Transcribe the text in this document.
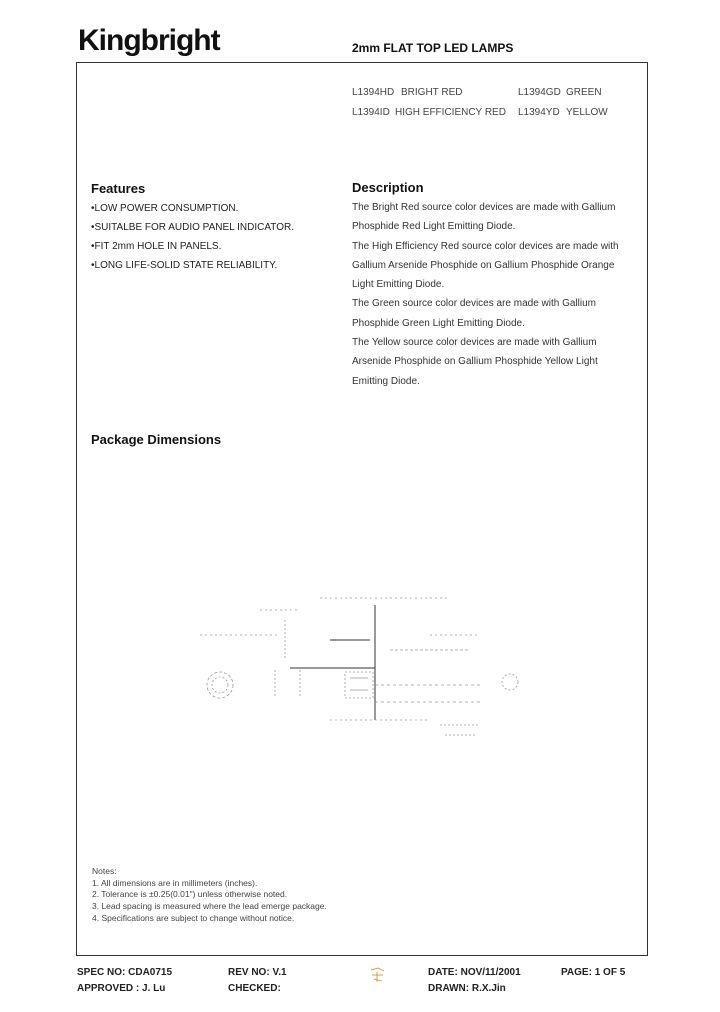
Kingbright	2mm FLAT TOP LED LAMPS
L1394HD BRIGHT RED	L1394GD GREEN
L1394ID HIGH EFFICIENCY RED L1394YD YELLOW
Features
•LOW POWER CONSUMPTION.
•SUITALBE FOR AUDIO PANEL INDICATOR.
•FIT 2mm HOLE IN PANELS.
•LONG LIFE-SOLID STATE RELIABILITY.
Description
The Bright Red source color devices are made with Gallium
Phosphide Red Light Emitting Diode.
The High Efficiency Red source color devices are made with
Gallium Arsenide Phosphide on Gallium Phosphide Orange
Light Emitting Diode.
The Green source color devices are made with Gallium
Phosphide Green Light Emitting Diode.
The Yellow source color devices are made with Gallium
Arsenide Phosphide on Gallium Phosphide Yellow Light
Emitting Diode.
Package Dimensions
Notes:
1. All dimensions are in millimeters (inches).
2. Tolerance is ±0.25(0.01") unless otherwise noted.
3. Lead spacing is measured where the lead emerge package.
4. Specifications are subject to change without notice.
SPEC NO: CDA0715	REV NO: V.1	DATE: NOV/11/2001	PAGE: 1 OF 5
APPROVED : J. Lu	CHECKED:	DRAWN: R.X.Jin
